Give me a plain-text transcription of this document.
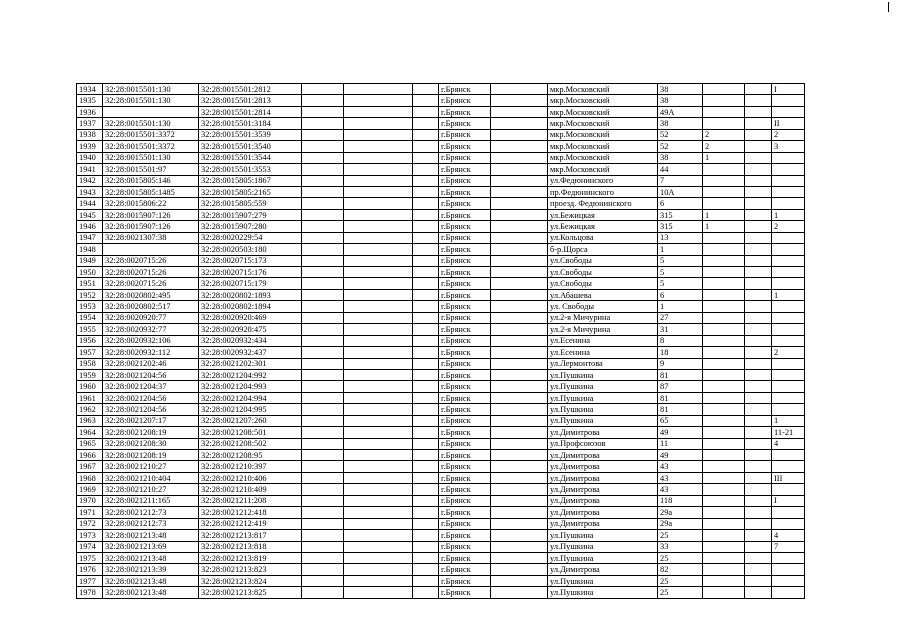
1934	32:28:0015501:130	32:28:0015501:2812				г.Брянск		мкр.Московский	38			I
1935	32:28:0015501:130	32:28:0015501:2813				г.Брянск		мкр.Московский	38			
1936		32:28:0015501:2814				г.Брянск		мкр.Московский	49А			
1937	32:28:0015501:130	32:28:0015501:3184				г.Брянск		мкр.Московский	38			II
1938	32:28:0015501:3372	32:28:0015501:3539				г.Брянск		мкр.Московский	52	2		2
1939	32:28:0015501:3372	32:28:0015501:3540				г.Брянск		мкр.Московский	52	2		3
1940	32:28:0015501:130	32:28:0015501:3544				г.Брянск		мкр.Московский	38	1		
1941	32:28:0015501:97	32:28:0015501:3553				г.Брянск		мкр.Московский	44			
1942	32:28:0015805:146	32:28:0015805:1867				г.Брянск		ул.Федюнинского	7			
1943	32:28:0015805:1485	32:28:0015805:2165				г.Брянск		пр.Федюнинского	10А			
1944	32:28:0015806:22	32:28:0015805:559				г.Брянск		проезд. Федюнинского	6			
1945	32:28:0015907:126	32:28:0015907:279				г.Брянск		ул.Бежицкая	315	1		1
1946	32:28:0015907:126	32:28:0015907:280				г.Брянск		ул.Бежицкая	315	1		2
1947	32:28:0021307:38	32:28:0020229:54				г.Брянск		ул.Кольцова	13			
1948		32:28:0020503:180				г.Брянск		б-р.Щорса	1			
1949	32:28:0020715:26	32:28:0020715:173				г.Брянск		ул.Свободы	5			
1950	32:28:0020715:26	32:28:0020715:176				г.Брянск		ул.Свободы	5			
1951	32:28:0020715:26	32:28:0020715:179				г.Брянск		ул.Свободы	5			
1952	32:28:0020802:495	32:28:0020802:1893				г.Брянск		ул.Абашева	6			1
1953	32:28:0020802:517	32:28:0020802:1894				г.Брянск		ул. Свободы	1			
1954	32:28:0020920:77	32:28:0020920:469				г.Брянск		ул.2-я Мичурина	27			
1955	32:28:0020932:77	32:28:0020920:475				г.Брянск		ул.2-я Мичурина	31			
1956	32:28:0020932:106	32:28:0020932:434				г.Брянск		ул.Есенина	8			
1957	32:28:0020932:112	32:28:0020932:437				г.Брянск		ул.Есенина	18			2
1958	32:28:0021202:46	32:28:0021202:301				г.Брянск		ул.Лермонтова	9			
1959	32:28:0021204:56	32:28:0021204:992				г.Брянск		ул.Пушкина	81			
1960	32:28:0021204:37	32:28:0021204:993				г.Брянск		ул.Пушкина	87			
1961	32:28:0021204:56	32:28:0021204:994				г.Брянск		ул.Пушкина	81			
1962	32:28:0021204:56	32:28:0021204:995				г.Брянск		ул.Пушкина	81			
1963	32:28:0021207:17	32:28:0021207:260				г.Брянск		ул.Пушкина	65			1
1964	32:28:0021208:19	32:28:0021208:501				г.Брянск		ул.Димитрова	49			11-21
1965	32:28:0021208:30	32:28:0021208:502				г.Брянск		ул.Профсоюзов	11			4
1966	32:28:0021208:19	32:28:0021208:95				г.Брянск		ул.Димитрова	49			
1967	32:28:0021210:27	32:28:0021210:397				г.Брянск		ул.Димитрова	43			
1968	32:28:0021210:404	32:28:0021210:406				г.Брянск		ул.Димитрова	43			III
1969	32:28:0021210:27	32:28:0021210:409				г.Брянск		ул.Димитрова	43			
1970	32:28:0021211:165	32:28:0021211:208				г.Брянск		ул.Димитрова	118			I
1971	32:28:0021212:73	32:28:0021212:418				г.Брянск		ул.Димитрова	29а			
1972	32:28:0021212:73	32:28:0021212:419				г.Брянск		ул.Димитрова	29а			
1973	32:28:0021213:48	32:28:0021213:817				г.Брянск		ул.Пушкина	25			4
1974	32:28:0021213:69	32:28:0021213:818				г.Брянск		ул.Пушкина	33			7
1975	32:28:0021213:48	32:28:0021213:819				г.Брянск		ул.Пушкина	25			
1976	32:28:0021213:39	32:28:0021213:823				г.Брянск		ул.Димитрова	82			
1977	32:28:0021213:48	32:28:0021213:824				г.Брянск		ул.Пушкина	25			
1978	32:28:0021213:48	32:28:0021213:825				г.Брянск		ул.Пушкина	25			
